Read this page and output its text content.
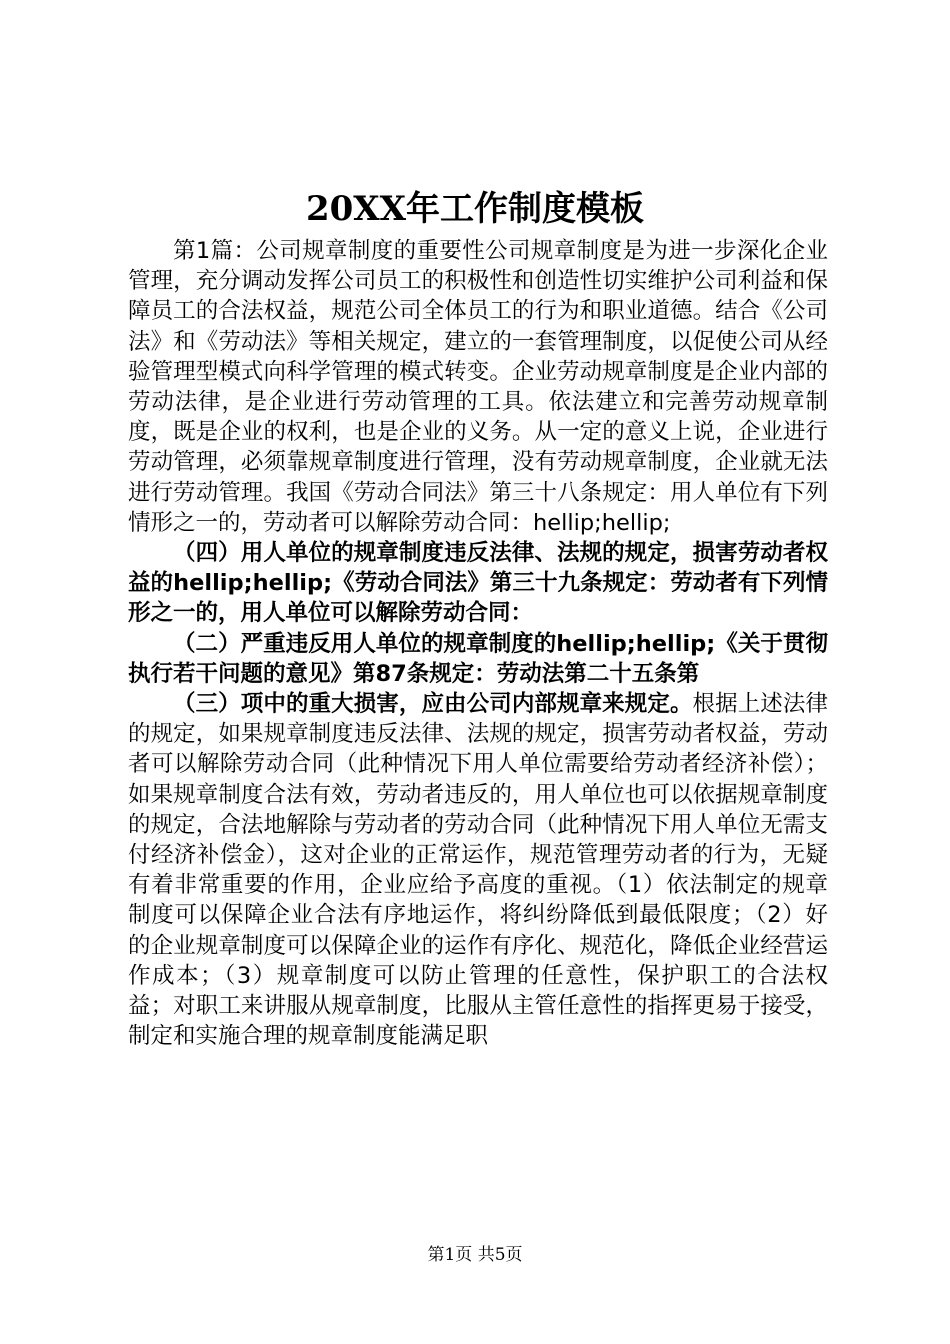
20XX年工作制度模板

第1篇：公司规章制度的重要性公司规章制度是为进一步深化企业管理，充分调动发挥公司员工的积极性和创造性切实维护公司利益和保障员工的合法权益，规范公司全体员工的行为和职业道德。结合《公司法》和《劳动法》等相关规定，建立的一套管理制度，以促使公司从经验管理型模式向科学管理的模式转变。企业劳动规章制度是企业内部的劳动法律，是企业进行劳动管理的工具。依法建立和完善劳动规章制度，既是企业的权利，也是企业的义务。从一定的意义上说，企业进行劳动管理，必须靠规章制度进行管理，没有劳动规章制度，企业就无法进行劳动管理。我国《劳动合同法》第三十八条规定：用人单位有下列情形之一的，劳动者可以解除劳动合同：hellip;hellip;

（四）用人单位的规章制度违反法律、法规的规定，损害劳动者权益的hellip;hellip;《劳动合同法》第三十九条规定：劳动者有下列情形之一的，用人单位可以解除劳动合同：

（二）严重违反用人单位的规章制度的hellip;hellip;《关于贯彻执行若干问题的意见》第87条规定：劳动法第二十五条第

（三）项中的重大损害，应由公司内部规章来规定。根据上述法律的规定，如果规章制度违反法律、法规的规定，损害劳动者权益，劳动者可以解除劳动合同（此种情况下用人单位需要给劳动者经济补偿）；如果规章制度合法有效，劳动者违反的，用人单位也可以依据规章制度的规定，合法地解除与劳动者的劳动合同（此种情况下用人单位无需支付经济补偿金），这对企业的正常运作，规范管理劳动者的行为，无疑有着非常重要的作用，企业应给予高度的重视。（1）依法制定的规章制度可以保障企业合法有序地运作，将纠纷降低到最低限度；（2）好的企业规章制度可以保障企业的运作有序化、规范化，降低企业经营运作成本；（3）规章制度可以防止管理的任意性，保护职工的合法权益；对职工来讲服从规章制度，比服从主管任意性的指挥更易于接受，制定和实施合理的规章制度能满足职

第1页 共5页
